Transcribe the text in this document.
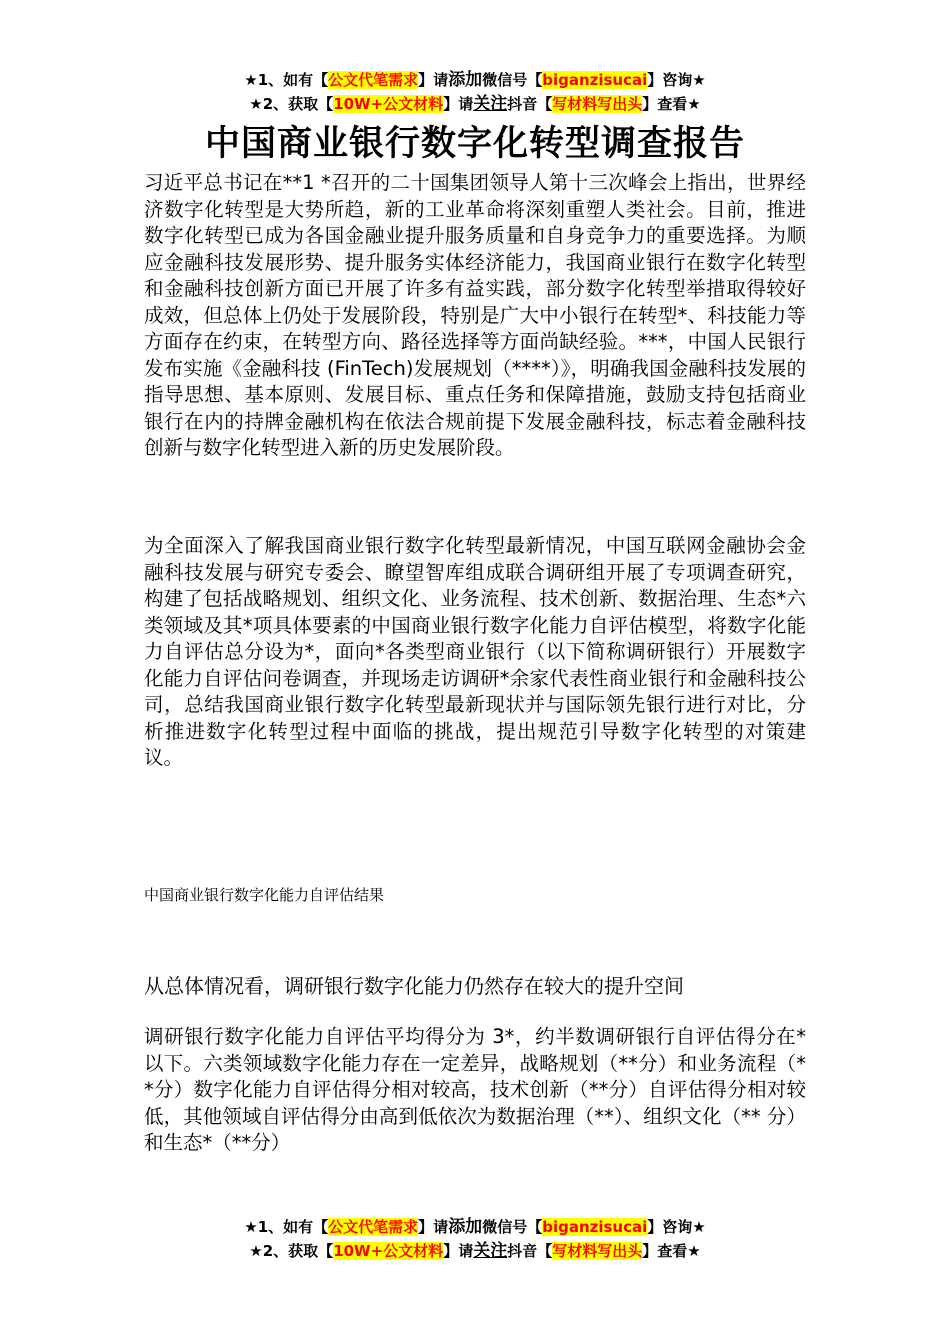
★1、如有【公文代笔需求】请添加微信号【biganzisucai】咨询★
★2、获取【10W+公文材料】请关注抖音【写材料写出头】查看★
中国商业银行数字化转型调查报告

习近平总书记在**1 *召开的二十国集团领导人第十三次峰会上指出，世界经济数字化转型是大势所趋，新的工业革命将深刻重塑人类社会。目前，推进数字化转型已成为各国金融业提升服务质量和自身竞争力的重要选择。为顺应金融科技发展形势、提升服务实体经济能力，我国商业银行在数字化转型和金融科技创新方面已开展了许多有益实践，部分数字化转型举措取得较好成效，但总体上仍处于发展阶段，特别是广大中小银行在转型*、科技能力等方面存在约束，在转型方向、路径选择等方面尚缺经验。***，中国人民银行发布实施《金融科技 (FinTech)发展规划（****）》，明确我国金融科技发展的指导思想、基本原则、发展目标、重点任务和保障措施，鼓励支持包括商业银行在内的持牌金融机构在依法合规前提下发展金融科技，标志着金融科技创新与数字化转型进入新的历史发展阶段。

为全面深入了解我国商业银行数字化转型最新情况，中国互联网金融协会金融科技发展与研究专委会、瞭望智库组成联合调研组开展了专项调查研究，构建了包括战略规划、组织文化、业务流程、技术创新、数据治理、生态*六类领域及其*项具体要素的中国商业银行数字化能力自评估模型，将数字化能力自评估总分设为*，面向*各类型商业银行（以下简称调研银行）开展数字化能力自评估问卷调查，并现场走访调研*余家代表性商业银行和金融科技公司，总结我国商业银行数字化转型最新现状并与国际领先银行进行对比，分析推进数字化转型过程中面临的挑战，提出规范引导数字化转型的对策建议。

中国商业银行数字化能力自评估结果
从总体情况看，调研银行数字化能力仍然存在较大的提升空间

调研银行数字化能力自评估平均得分为 3*，约半数调研银行自评估得分在*以下。六类领域数字化能力存在一定差异，战略规划（**分）和业务流程（**分）数字化能力自评估得分相对较高，技术创新（**分）自评估得分相对较低，其他领域自评估得分由高到低依次为数据治理（**）、组织文化（** 分）和生态*（**分）

★1、如有【公文代笔需求】请添加微信号【biganzisucai】咨询★
★2、获取【10W+公文材料】请关注抖音【写材料写出头】查看★
